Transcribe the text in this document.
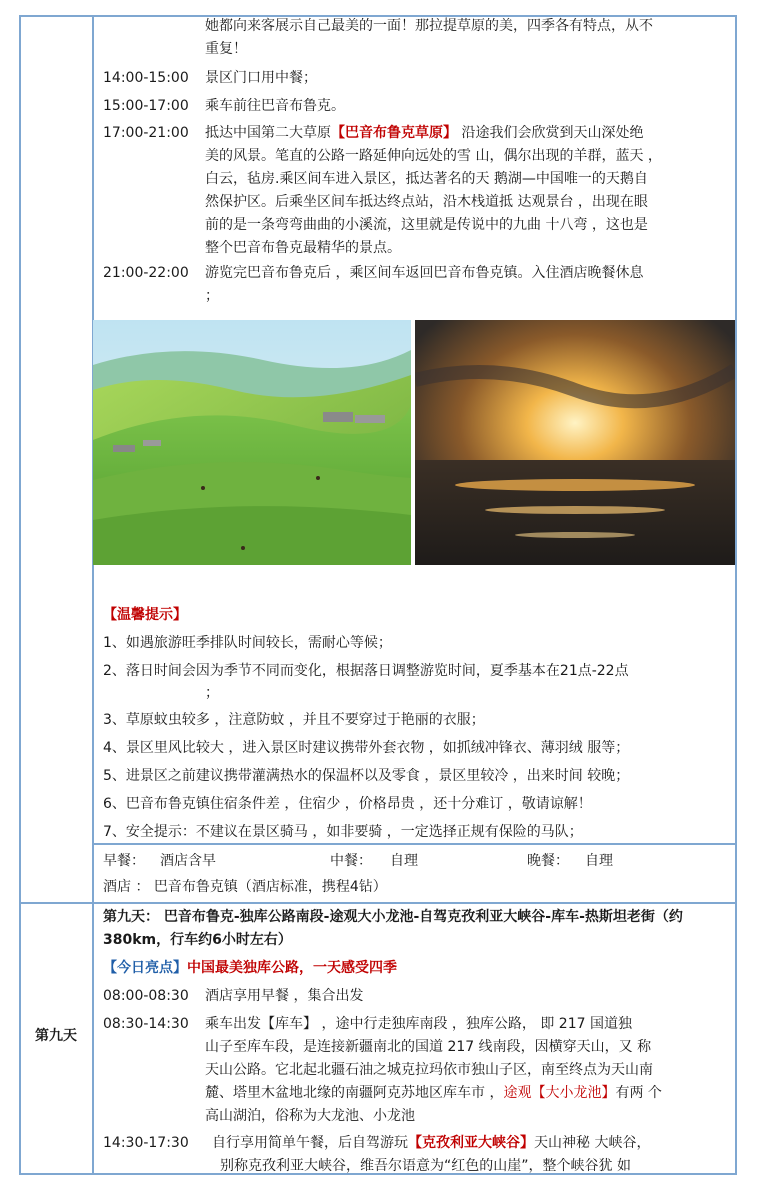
她都向来客展示自己最美的一面！那拉提草原的美，四季各有特点，从不
重复！
14:00-15:00 景区门口用中餐；
15:00-17:00 乘车前往巴音布鲁克。
17:00-21:00 抵达中国第二大草原【巴音布鲁克草原】 沿途我们会欣赏到天山深处绝
美的风景。笔直的公路一路延伸向远处的雪 山，偶尔出现的羊群，蓝天 ，
白云，毡房.乘区间车进入景区，抵达著名的天 鹅湖—中国唯一的天鹅自
然保护区。后乘坐区间车抵达终点站，沿木栈道抵 达观景台 ，出现在眼
前的是一条弯弯曲曲的小溪流，这里就是传说中的九曲 十八弯 ，这也是
整个巴音布鲁克最精华的景点。
21:00-22:00 游览完巴音布鲁克后 ，乘区间车返回巴音布鲁克镇。入住酒店晚餐休息
；
【温馨提示】
1、如遇旅游旺季排队时间较长，需耐心等候；
2、落日时间会因为季节不同而变化，根据落日调整游览时间，夏季基本在21点-22点
；
3、草原蚊虫较多 ，注意防蚊 ，并且不要穿过于艳丽的衣服；
4、景区里风比较大 ，进入景区时建议携带外套衣物 ，如抓绒冲锋衣、薄羽绒 服等；
5、进景区之前建议携带灌满热水的保温杯以及零食 ，景区里较冷 ，出来时间 较晚；
6、巴音布鲁克镇住宿条件差 ，住宿少 ，价格昂贵 ，还十分难订 ，敬请谅解！
7、安全提示：不建议在景区骑马 ，如非要骑 ，一定选择正规有保险的马队；
早餐： 酒店含早	中餐： 自理	晚餐： 自理
酒店 ： 巴音布鲁克镇（酒店标准，携程4钻）
第九天
第九天： 巴音布鲁克-独库公路南段-途观大小龙池-自驾克孜利亚大峡谷-库车-热斯坦老街（约
380km，行车约6小时左右）
【今日亮点】中国最美独库公路，一天感受四季
08:00-08:30 酒店享用早餐 ，集合出发
08:30-14:30 乘车出发【库车】 ，途中行走独库南段 ，独库公路， 即 217 国道独
山子至库车段，是连接新疆南北的国道 217 线南段，因横穿天山，又 称
天山公路。它北起北疆石油之城克拉玛依市独山子区，南至终点为天山南
麓、塔里木盆地北缘的南疆阿克苏地区库车市 ，途观【大小龙池】有两 个
高山湖泊，俗称为大龙池、小龙池
14:30-17:30 自行享用简单午餐，后自驾游玩【克孜利亚大峡谷】天山神秘 大峡谷，
别称克孜利亚大峡谷，维吾尔语意为“红色的山崖”，整个峡谷犹 如
